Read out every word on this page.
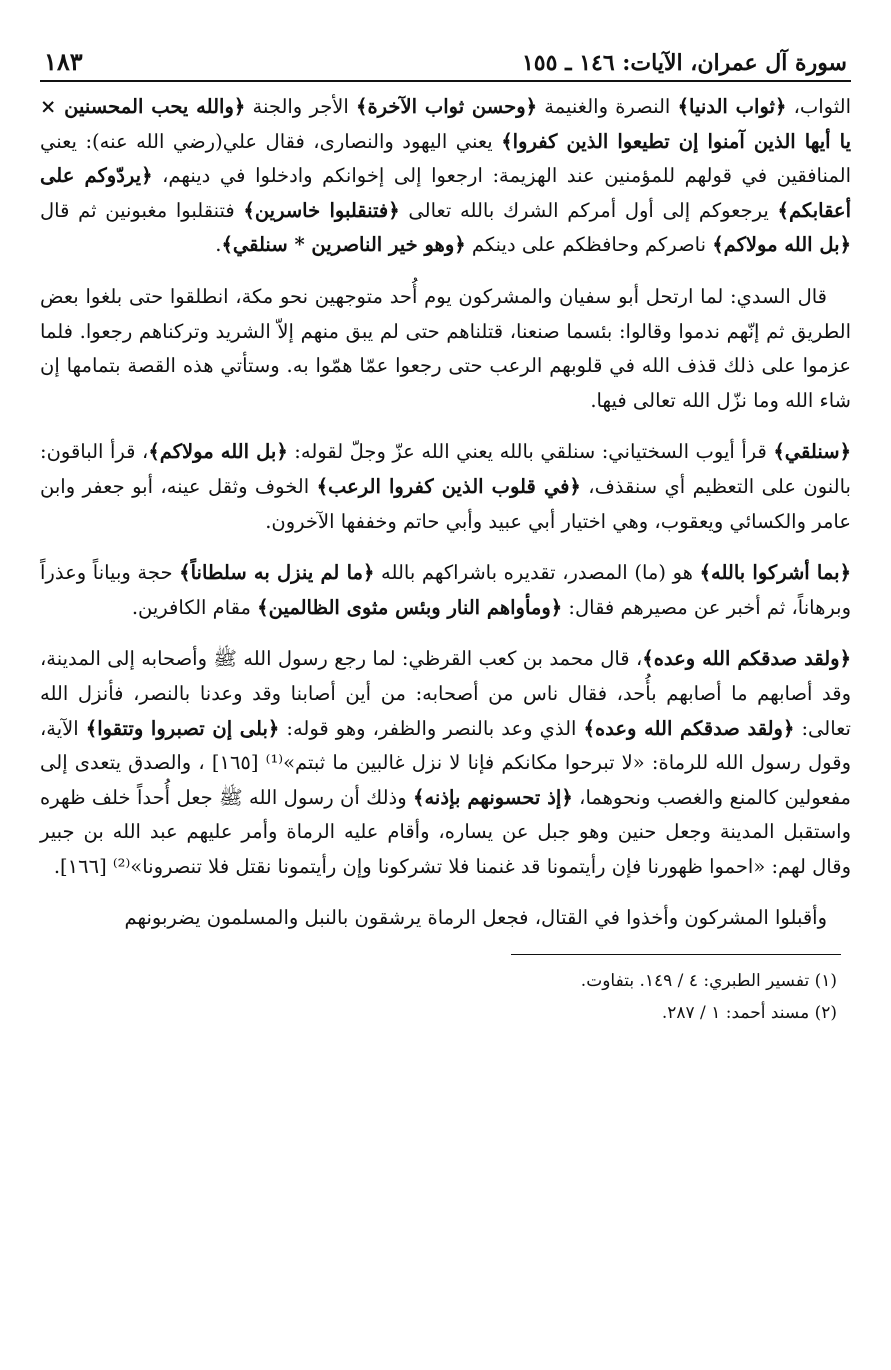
سورة آل عمران، الآيات: ١٤٦ ـ ١٥٥
١٨٣

الثواب، ﴿ثواب الدنيا﴾ النصرة والغنيمة ﴿وحسن ثواب الآخرة﴾ الأجر والجنة ﴿والله يحب المحسنين × يا أيها الذين آمنوا إن تطيعوا الذين كفروا﴾ يعني اليهود والنصارى، فقال علي(رضي الله عنه): يعني المنافقين في قولهم للمؤمنين عند الهزيمة: ارجعوا إلى إخوانكم وادخلوا في دينهم، ﴿يردّوكم على أعقابكم﴾ يرجعوكم إلى أول أمركم الشرك بالله تعالى ﴿فتنقلبوا خاسرين﴾ فتنقلبوا مغبونين ثم قال ﴿بل الله مولاكم﴾ ناصركم وحافظكم على دينكم ﴿وهو خير الناصرين * سنلقي﴾.

قال السدي: لما ارتحل أبو سفيان والمشركون يوم أُحد متوجهين نحو مكة، انطلقوا حتى بلغوا بعض الطريق ثم إنّهم ندموا وقالوا: بئسما صنعنا، قتلناهم حتى لم يبق منهم إلاّ الشريد وتركناهم رجعوا. فلما عزموا على ذلك قذف الله في قلوبهم الرعب حتى رجعوا عمّا همّوا به. وستأتي هذه القصة بتمامها إن شاء الله وما نزّل الله تعالى فيها.

﴿سنلقي﴾ قرأ أيوب السختياني: سنلقي بالله يعني الله عزّ وجلّ لقوله: ﴿بل الله مولاكم﴾، قرأ الباقون: بالنون على التعظيم أي سنقذف، ﴿في قلوب الذين كفروا الرعب﴾ الخوف وثقل عينه، أبو جعفر وابن عامر والكسائي ويعقوب، وهي اختيار أبي عبيد وأبي حاتم وخففها الآخرون.

﴿بما أشركوا بالله﴾ هو (ما) المصدر، تقديره باشراكهم بالله ﴿ما لم ينزل به سلطاناً﴾ حجة وبياناً وعذراً وبرهاناً، ثم أخبر عن مصيرهم فقال: ﴿ومأواهم النار وبئس مثوى الظالمين﴾ مقام الكافرين.

﴿ولقد صدقكم الله وعده﴾، قال محمد بن كعب القرظي: لما رجع رسول الله ﷺ وأصحابه إلى المدينة، وقد أصابهم ما أصابهم بأُحد، فقال ناس من أصحابه: من أين أصابنا وقد وعدنا بالنصر، فأنزل الله تعالى: ﴿ولقد صدقكم الله وعده﴾ الذي وعد بالنصر والظفر، وهو قوله: ﴿بلى إن تصبروا وتتقوا﴾ الآية، وقول رسول الله للرماة: «لا تبرحوا مكانكم فإنا لا نزل غالبين ما ثبتم»⁽¹⁾ [١٦٥] ، والصدق يتعدى إلى مفعولين كالمنع والغصب ونحوهما، ﴿إذ تحسونهم بإذنه﴾ وذلك أن رسول الله ﷺ جعل أُحداً خلف ظهره واستقبل المدينة وجعل حنين وهو جبل عن يساره، وأقام عليه الرماة وأمر عليهم عبد الله بن جبير وقال لهم: «احموا ظهورنا فإن رأيتمونا قد غنمنا فلا تشركونا وإن رأيتمونا نقتل فلا تنصرونا»⁽²⁾ [١٦٦].

وأقبلوا المشركون وأخذوا في القتال، فجعل الرماة يرشقون بالنبل والمسلمون يضربونهم

(١) تفسير الطبري: ٤ / ١٤٩. بتفاوت.
(٢) مسند أحمد: ١ / ٢٨٧.
